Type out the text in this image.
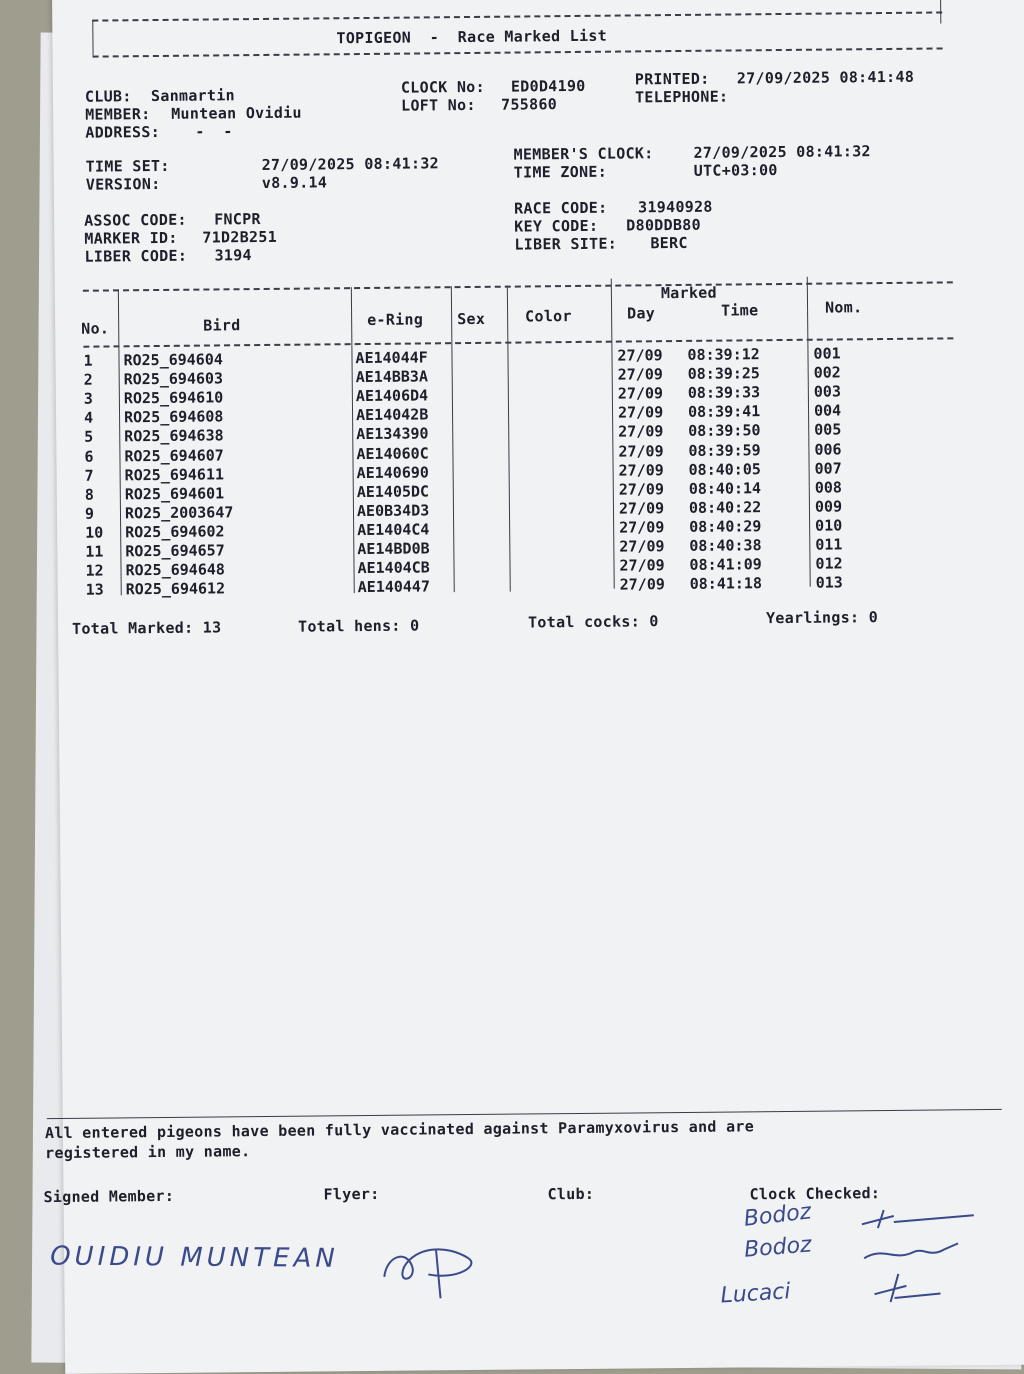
TOPIGEON  -  Race Marked List
CLUB: Sanmartin
MEMBER: Muntean Ovidiu
ADDRESS: -  -
CLOCK No: ED0D4190
LOFT No: 755860
PRINTED: 27/09/2025 08:41:48
TELEPHONE:
TIME SET:	27/09/2025 08:41:32
VERSION:	v8.9.14
MEMBER'S CLOCK:	27/09/2025 08:41:32
TIME ZONE:	UTC+03:00
ASSOC CODE: FNCPR
MARKER ID: 71D2B251
LIBER CODE: 3194
RACE CODE: 31940928
KEY CODE: D80DDB80
LIBER SITE: BERC
No.	Bird	e-Ring Sex	Color
Marked
Day	Time	Nom.
1 RO25_694604	AE14044F	27/09 08:39:12	001
2 RO25_694603	AE14BB3A	27/09 08:39:25	002
3 RO25_694610	AE1406D4	27/09 08:39:33	003
4 RO25_694608	AE14042B	27/09 08:39:41	004
5 RO25_694638	AE134390	27/09 08:39:50	005
6 RO25_694607	AE14060C	27/09 08:39:59	006
7 RO25_694611	AE140690	27/09 08:40:05	007
8 RO25_694601	AE1405DC	27/09 08:40:14	008
9 RO25_2003647	AE0B34D3	27/09 08:40:22	009
10 RO25_694602	AE1404C4	27/09 08:40:29	010
11 RO25_694657	AE14BD0B	27/09 08:40:38	011
12 RO25_694648	AE1404CB	27/09 08:41:09	012
13 RO25_694612	AE140447	27/09 08:41:18	013
Total Marked: 13	Total hens: 0	Total cocks: 0	Yearlings: 0
All entered pigeons have been fully vaccinated against Paramyxovirus and are
registered in my name.
Signed Member:	Flyer:	Club:	Clock Checked:
OUIDIU MUNTEAN
Bodoz
Bodoz
Lucaci
